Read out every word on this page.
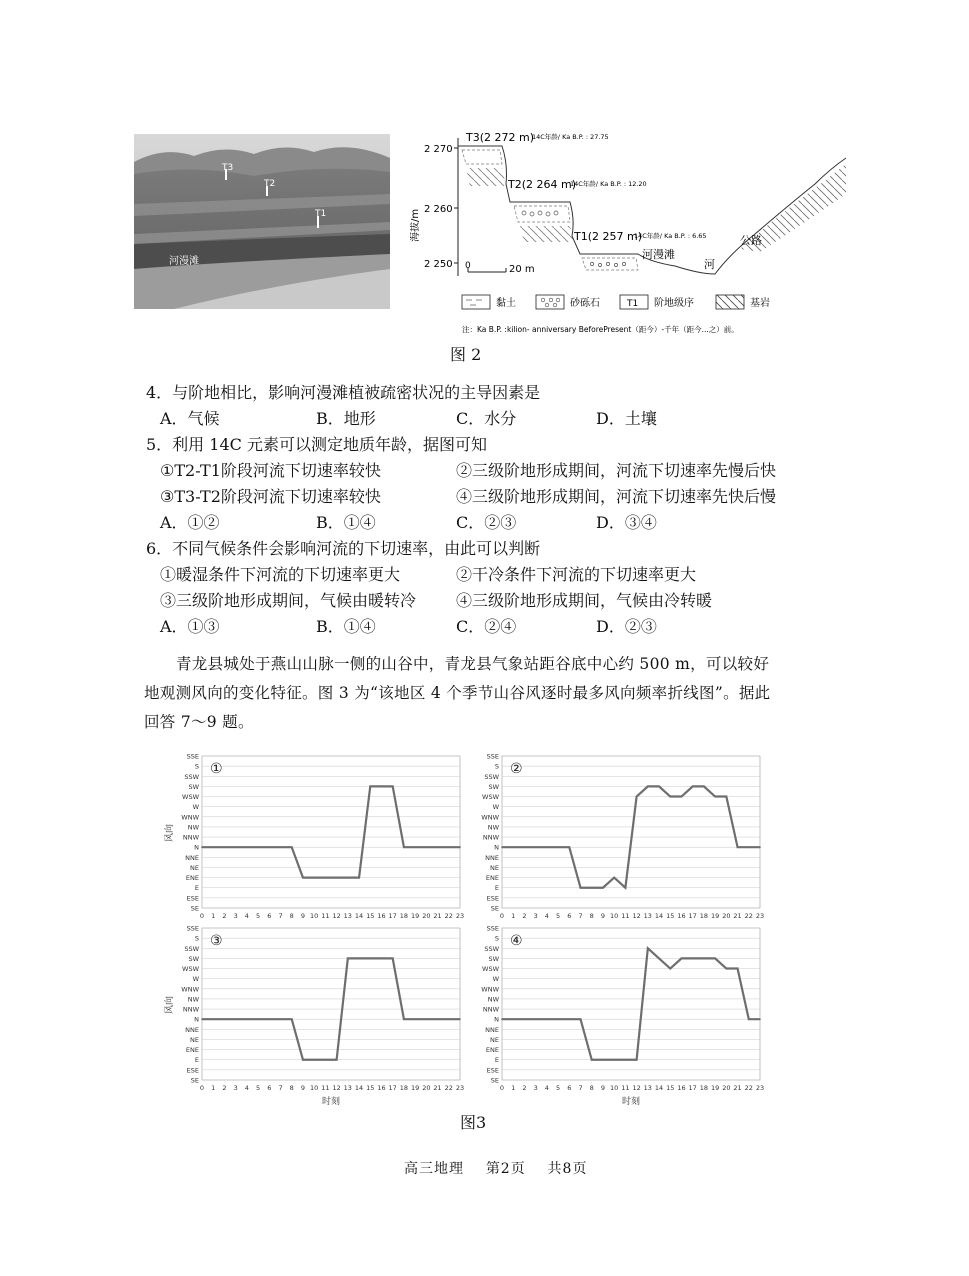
T3
T2
T1
河漫滩
2 270
2 260
2 250
海拔/m
T3(2 272 m)
14C年龄/ Ka B.P. : 27.75
T2(2 264 m)
14C年龄/ Ka B.P. : 12.20
T1(2 257 m)
14C年龄/ Ka B.P. : 6.65
河漫滩
河
公路
0	20 m
黏土	砂砾石	T1 阶地级序	基岩
注：Ka B.P. :kilion- anniversary BeforePresent（距今）-千年（距今...之）前。
图 2
4．与阶地相比，影响河漫滩植被疏密状况的主导因素是
A．气候	B．地形	C．水分	D．土壤
5．利用 14C 元素可以测定地质年龄，据图可知
①T2-T1阶段河流下切速率较快	②三级阶地形成期间，河流下切速率先慢后快
③T3-T2阶段河流下切速率较快	④三级阶地形成期间，河流下切速率先快后慢
A．①②	B．①④	C．②③	D．③④
6．不同气候条件会影响河流的下切速率，由此可以判断
①暖湿条件下河流的下切速率更大	②干冷条件下河流的下切速率更大
③三级阶地形成期间，气候由暖转冷 ④三级阶地形成期间，气候由冷转暖
A．①③	B．①④	C．②④	D．②③
青龙县城处于燕山山脉一侧的山谷中，青龙县气象站距谷底中心约 500 m，可以较好
地观测风向的变化特征。图 3 为“该地区 4 个季节山谷风逐时最多风向频率折线图”。据此
回答 7～9 题。
SE
ESE
E
ENE
NE
NNE
N
NNW
NW
WNW
W
WSW
SW
SSW
S
SSE
0 1 2 3 4 5 6 7 8 9 10 11 12 13 14 15 16 17 18 19 20 21 22 23
风向
①
SE
ESE
E
ENE
NE
NNE
N
NNW
NW
WNW
W
WSW
SW
SSW
S
SSE
0 1 2 3 4 5 6 7 8 9 10 11 12 13 14 15 16 17 18 19 20 21 22 23
②
SE
ESE
E
ENE
NE
NNE
N
NNW
NW
WNW
W
WSW
SW
SSW
S
SSE
0 1 2 3 4 5 6 7 8 9 10 11 12 13 14 15 16 17 18 19 20 21 22 23
风向
时刻
③
SE
ESE
E
ENE
NE
NNE
N
NNW
NW
WNW
W
WSW
SW
SSW
S
SSE
0 1 2 3 4 5 6 7 8 9 10 11 12 13 14 15 16 17 18 19 20 21 22 23
时刻
④
图3
高三地理 第2页 共8页
